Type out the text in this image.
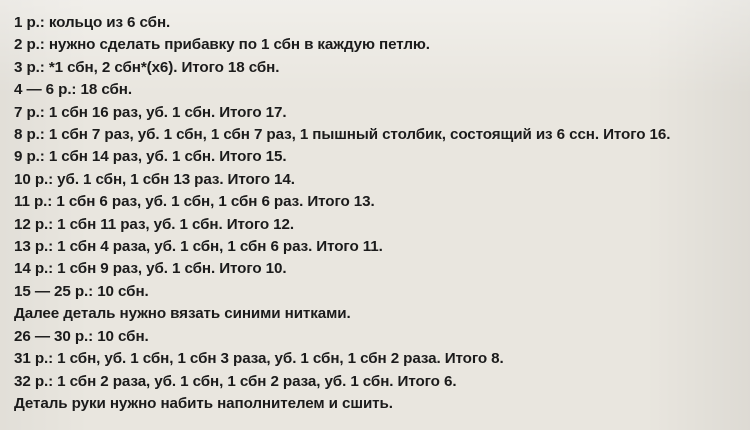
1 р.: кольцо из 6 сбн.
2 р.: нужно сделать прибавку по 1 сбн в каждую петлю.
3 р.: *1 сбн, 2 сбн*(х6). Итого 18 сбн.
4 — 6 р.: 18 сбн.
7 р.: 1 сбн 16 раз, уб. 1 сбн. Итого 17.
8 р.: 1 сбн 7 раз, уб. 1 сбн, 1 сбн 7 раз, 1 пышный столбик, состоящий из 6 ссн. Итого 16.
9 р.: 1 сбн 14 раз, уб. 1 сбн. Итого 15.
10 р.: уб. 1 сбн, 1 сбн 13 раз. Итого 14.
11 р.: 1 сбн 6 раз, уб. 1 сбн, 1 сбн 6 раз. Итого 13.
12 р.: 1 сбн 11 раз, уб. 1 сбн. Итого 12.
13 р.: 1 сбн 4 раза, уб. 1 сбн, 1 сбн 6 раз. Итого 11.
14 р.: 1 сбн 9 раз, уб. 1 сбн. Итого 10.
15 — 25 р.: 10 сбн.
Далее деталь нужно вязать синими нитками.
26 — 30 р.: 10 сбн.
31 р.: 1 сбн, уб. 1 сбн, 1 сбн 3 раза, уб. 1 сбн, 1 сбн 2 раза. Итого 8.
32 р.: 1 сбн 2 раза, уб. 1 сбн, 1 сбн 2 раза, уб. 1 сбн. Итого 6.
Деталь руки нужно набить наполнителем и сшить.
